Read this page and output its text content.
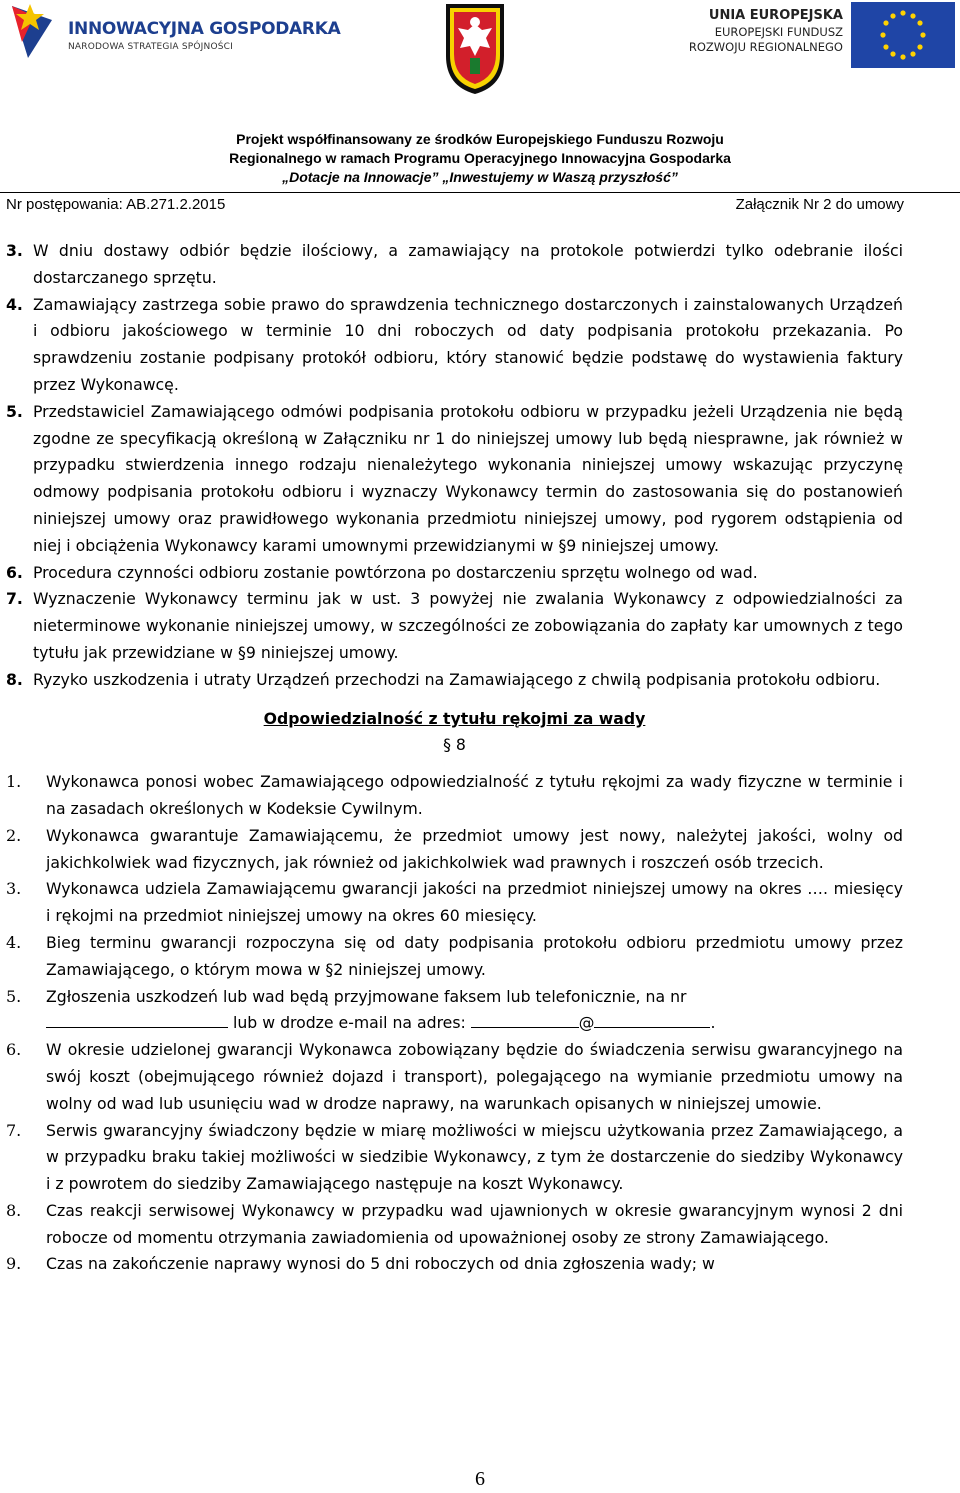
INNOWACYJNA GOSPODARKA
NARODOWA STRATEGIA SPÓJNOŚCI
UNIA EUROPEJSKA
EUROPEJSKI FUNDUSZ
ROZWOJU REGIONALNEGO
Projekt współfinansowany ze środków Europejskiego Funduszu Rozwoju
Regionalnego w ramach Programu Operacyjnego Innowacyjna Gospodarka
„Dotacje na Innowacje” „Inwestujemy w Waszą przyszłość”
Nr postępowania: AB.271.2.2015	Załącznik Nr 2 do umowy
3. W dniu dostawy odbiór będzie ilościowy, a zamawiający na protokole potwierdzi tylko odebranie ilości dostarczanego sprzętu.
4. Zamawiający zastrzega sobie prawo do sprawdzenia technicznego dostarczonych i zainstalowanych Urządzeń i odbioru jakościowego w terminie 10 dni roboczych od daty podpisania protokołu przekazania. Po sprawdzeniu zostanie podpisany protokół odbioru, który stanowić będzie podstawę do wystawienia faktury przez Wykonawcę.
5. Przedstawiciel Zamawiającego odmówi podpisania protokołu odbioru w przypadku jeżeli Urządzenia nie będą zgodne ze specyfikacją określoną w Załączniku nr 1 do niniejszej umowy lub będą niesprawne, jak również w przypadku stwierdzenia innego rodzaju nienależytego wykonania niniejszej umowy wskazując przyczynę odmowy podpisania protokołu odbioru i wyznaczy Wykonawcy termin do zastosowania się do postanowień niniejszej umowy oraz prawidłowego wykonania przedmiotu niniejszej umowy, pod rygorem odstąpienia od niej i obciążenia Wykonawcy karami umownymi przewidzianymi w §9 niniejszej umowy.
6. Procedura czynności odbioru zostanie powtórzona po dostarczeniu sprzętu wolnego od wad.
7. Wyznaczenie Wykonawcy terminu jak w ust. 3 powyżej nie zwalania Wykonawcy z odpowiedzialności za nieterminowe wykonanie niniejszej umowy, w szczególności ze zobowiązania do zapłaty kar umownych z tego tytułu jak przewidziane w §9 niniejszej umowy.
8. Ryzyko uszkodzenia i utraty Urządzeń przechodzi na Zamawiającego z chwilą podpisania protokołu odbioru.
Odpowiedzialność z tytułu rękojmi za wady
§ 8
1. Wykonawca ponosi wobec Zamawiającego odpowiedzialność z tytułu rękojmi za wady fizyczne w terminie i na zasadach określonych w Kodeksie Cywilnym.
2. Wykonawca gwarantuje Zamawiającemu, że przedmiot umowy jest nowy, należytej jakości, wolny od jakichkolwiek wad fizycznych, jak również od jakichkolwiek wad prawnych i roszczeń osób trzecich.
3. Wykonawca udziela Zamawiającemu gwarancji jakości na przedmiot niniejszej umowy na okres …. miesięcy i rękojmi na przedmiot niniejszej umowy na okres 60 miesięcy.
4. Bieg terminu gwarancji rozpoczyna się od daty podpisania protokołu odbioru przedmiotu umowy przez Zamawiającego, o którym mowa w §2 niniejszej umowy.
5. Zgłoszenia uszkodzeń lub wad będą przyjmowane faksem lub telefonicznie, na nr
lub w drodze e-mail na adres:	@	.
6. W okresie udzielonej gwarancji Wykonawca zobowiązany będzie do świadczenia serwisu gwarancyjnego na swój koszt (obejmującego również dojazd i transport), polegającego na wymianie przedmiotu umowy na wolny od wad lub usunięciu wad w drodze naprawy, na warunkach opisanych w niniejszej umowie.
7. Serwis gwarancyjny świadczony będzie w miarę możliwości w miejscu użytkowania przez Zamawiającego, a w przypadku braku takiej możliwości w siedzibie Wykonawcy, z tym że dostarczenie do siedziby Wykonawcy i z powrotem do siedziby Zamawiającego następuje na koszt Wykonawcy.
8. Czas reakcji serwisowej Wykonawcy w przypadku wad ujawnionych w okresie gwarancyjnym wynosi 2 dni robocze od momentu otrzymania zawiadomienia od upoważnionej osoby ze strony Zamawiającego.
9. Czas na zakończenie naprawy wynosi do 5 dni roboczych od dnia zgłoszenia wady; w
6
